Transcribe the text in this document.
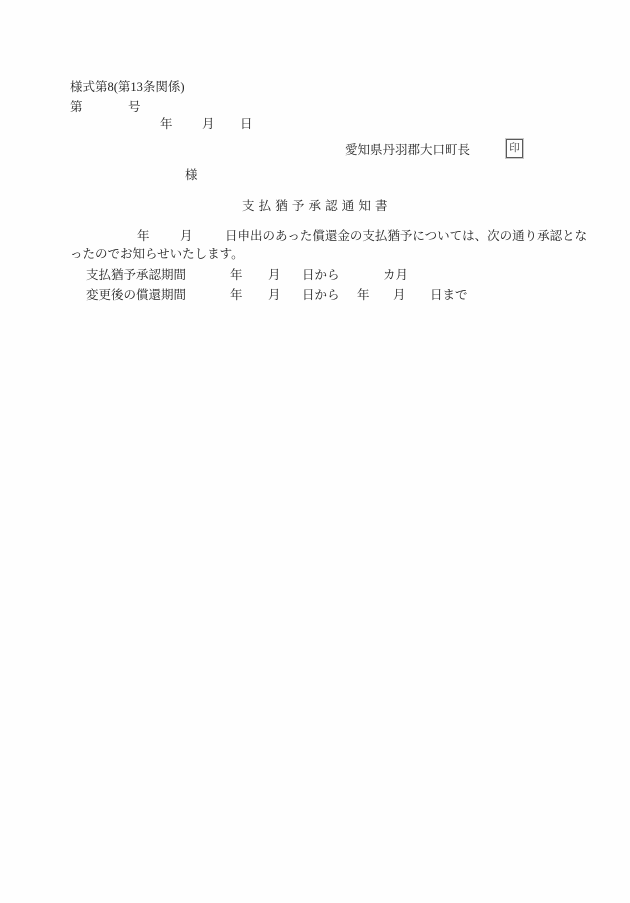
様式第8(第13条関係)
第	号
年 月 日
愛知県丹羽郡大口町長	印
様
支 払 猶 予 承 認 通 知 書
年 月	日申出のあった償還金の支払猶予については、次の通り承認とな
ったのでお知らせいたします。
支払猶予承認期間	年 月 日から	カ月
変更後の償還期間	年 月 日から 年 月 日まで
